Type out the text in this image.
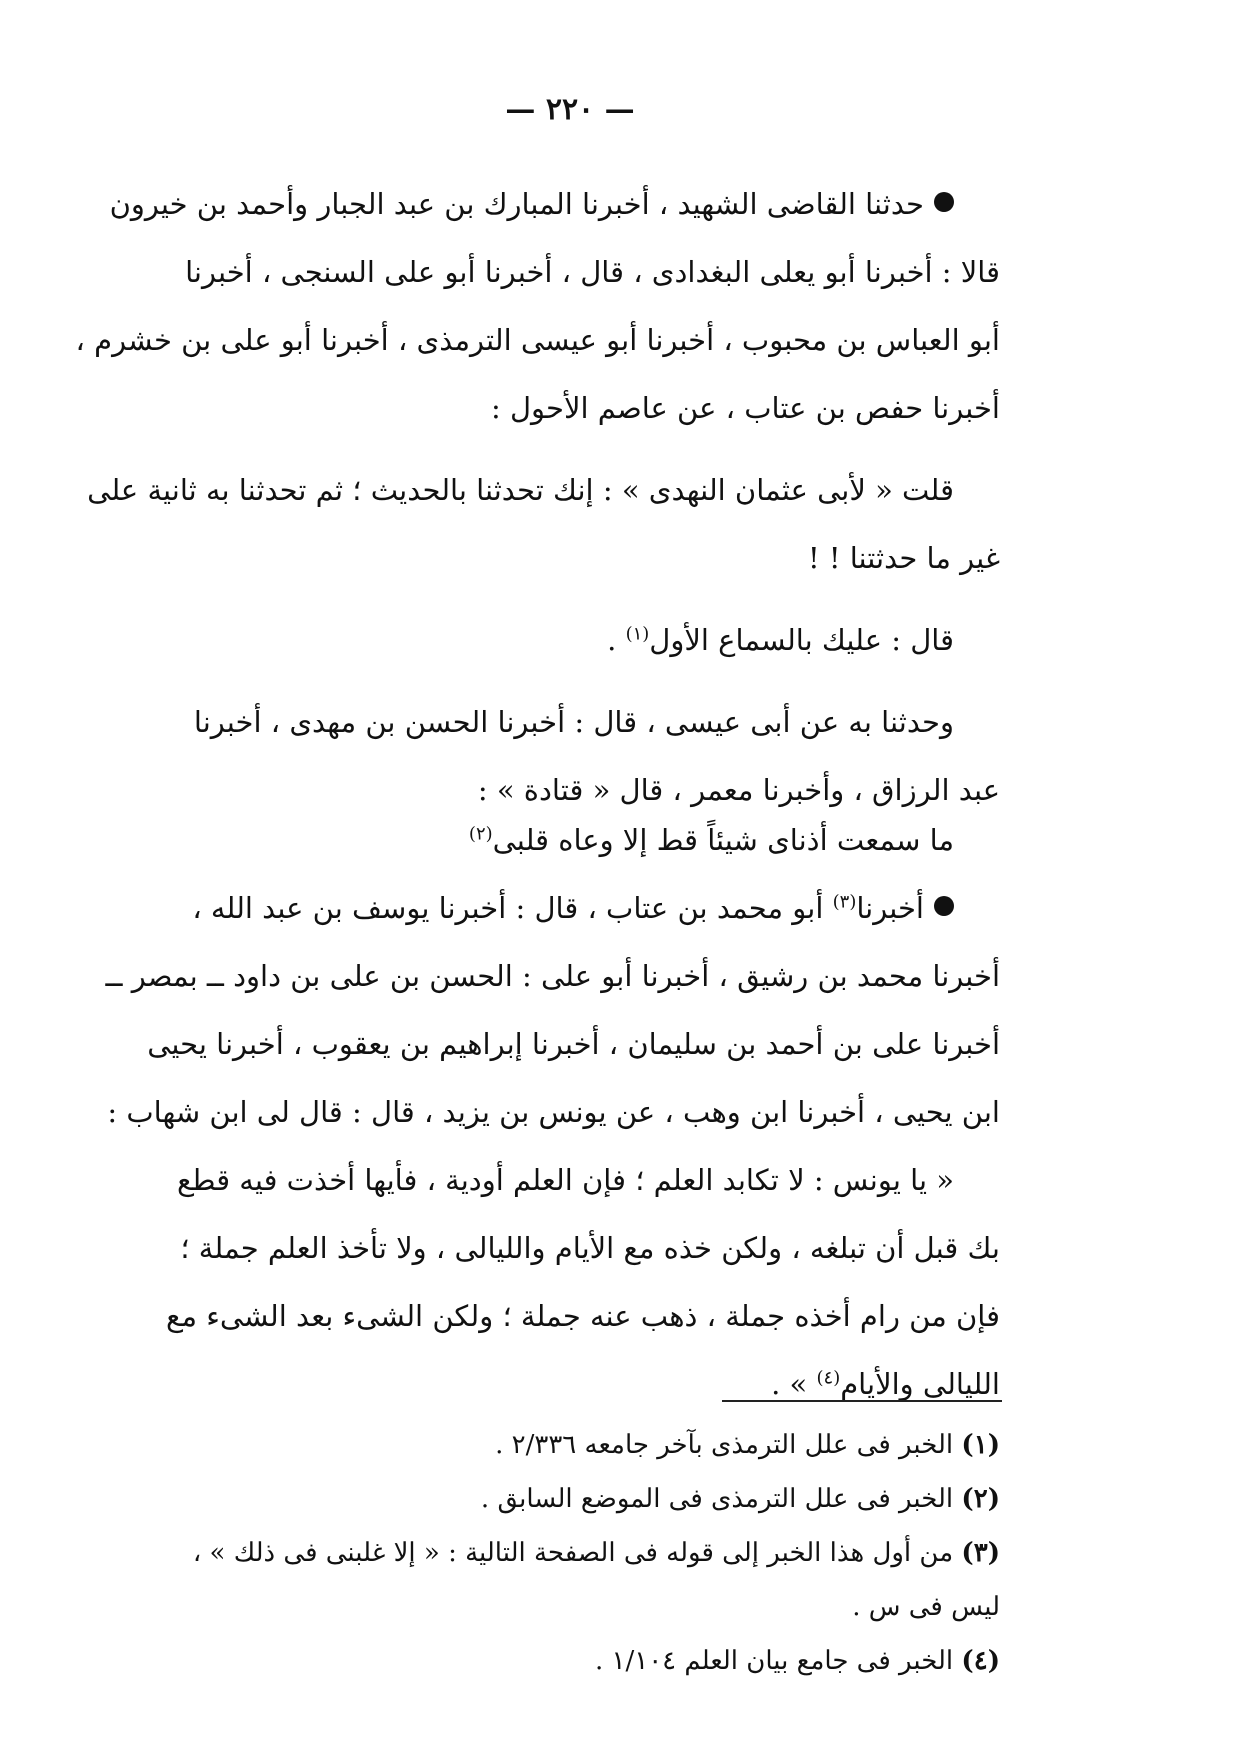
— ٢٢٠ —

حدثنا القاضى الشهيد ، أخبرنا المبارك بن عبد الجبار وأحمد بن خيرون
قالا : أخبرنا أبو يعلى البغدادى ، قال ، أخبرنا أبو على السنجى ، أخبرنا
أبو العباس بن محبوب ، أخبرنا أبو عيسى الترمذى ، أخبرنا أبو على بن خشرم ،
أخبرنا حفص بن عتاب ، عن عاصم الأحول :

قلت « لأبى عثمان النهدى » : إنك تحدثنا بالحديث ؛ ثم تحدثنا به ثانية على
غير ما حدثتنا ! !

قال : عليك بالسماع الأول$^{(١)}$ .

وحدثنا به عن أبى عيسى ، قال : أخبرنا الحسن بن مهدى ، أخبرنا
عبد الرزاق ، وأخبرنا معمر ، قال « قتادة » :

ما سمعت أذناى شيئاً قط إلا وعاه قلبى$^{(٢)}$

أخبرنا$^{(٣)}$ أبو محمد بن عتاب ، قال : أخبرنا يوسف بن عبد الله ،
أخبرنا محمد بن رشيق ، أخبرنا أبو على : الحسن بن على بن داود ــ بمصر ــ
أخبرنا على بن أحمد بن سليمان ، أخبرنا إبراهيم بن يعقوب ، أخبرنا يحيى
ابن يحيى ، أخبرنا ابن وهب ، عن يونس بن يزيد ، قال : قال لى ابن شهاب :

« يا يونس : لا تكابد العلم ؛ فإن العلم أودية ، فأيها أخذت فيه قطع
بك قبل أن تبلغه ، ولكن خذه مع الأيام والليالى ، ولا تأخذ العلم جملة ؛
فإن من رام أخذه جملة ، ذهب عنه جملة ؛ ولكن الشىء بعد الشىء مع
الليالى والأيام$^{(٤)}$ » .

(١) الخبر فى علل الترمذى بآخر جامعه ٢/٣٣٦ .
(٢) الخبر فى علل الترمذى فى الموضع السابق .
(٣) من أول هذا الخبر إلى قوله فى الصفحة التالية : « إلا غلبنى فى ذلك » ،
ليس فى س .
(٤) الخبر فى جامع بيان العلم ١/١٠٤ .
